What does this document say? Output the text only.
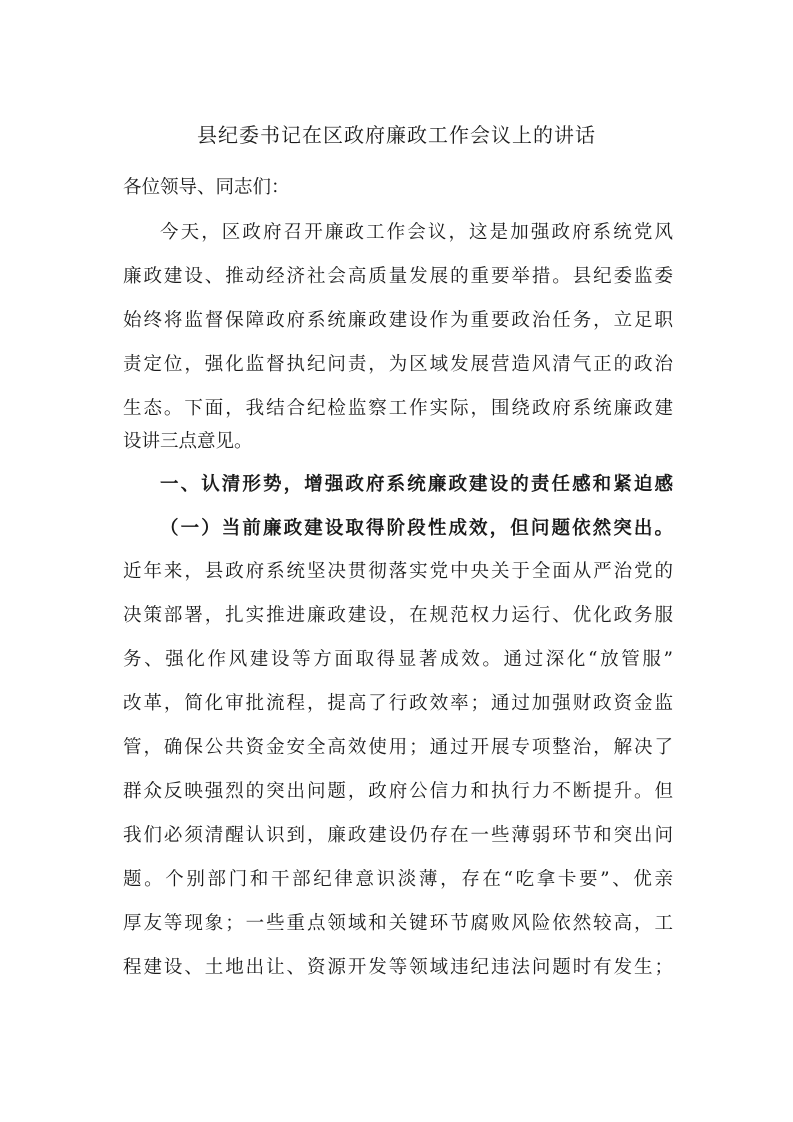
县纪委书记在区政府廉政工作会议上的讲话
各位领导、同志们：
今天，区政府召开廉政工作会议，这是加强政府系统党风
廉政建设、推动经济社会高质量发展的重要举措。县纪委监委
始终将监督保障政府系统廉政建设作为重要政治任务，立足职
责定位，强化监督执纪问责，为区域发展营造风清气正的政治
生态。下面，我结合纪检监察工作实际，围绕政府系统廉政建
设讲三点意见。
一、认清形势，增强政府系统廉政建设的责任感和紧迫感
（一）当前廉政建设取得阶段性成效，但问题依然突出。
近年来，县政府系统坚决贯彻落实党中央关于全面从严治党的
决策部署，扎实推进廉政建设，在规范权力运行、优化政务服
务、强化作风建设等方面取得显著成效。通过深化“放管服”
改革，简化审批流程，提高了行政效率；通过加强财政资金监
管，确保公共资金安全高效使用；通过开展专项整治，解决了
群众反映强烈的突出问题，政府公信力和执行力不断提升。但
我们必须清醒认识到，廉政建设仍存在一些薄弱环节和突出问
题。个别部门和干部纪律意识淡薄，存在“吃拿卡要”、优亲
厚友等现象；一些重点领域和关键环节腐败风险依然较高，工
程建设、土地出让、资源开发等领域违纪违法问题时有发生；
